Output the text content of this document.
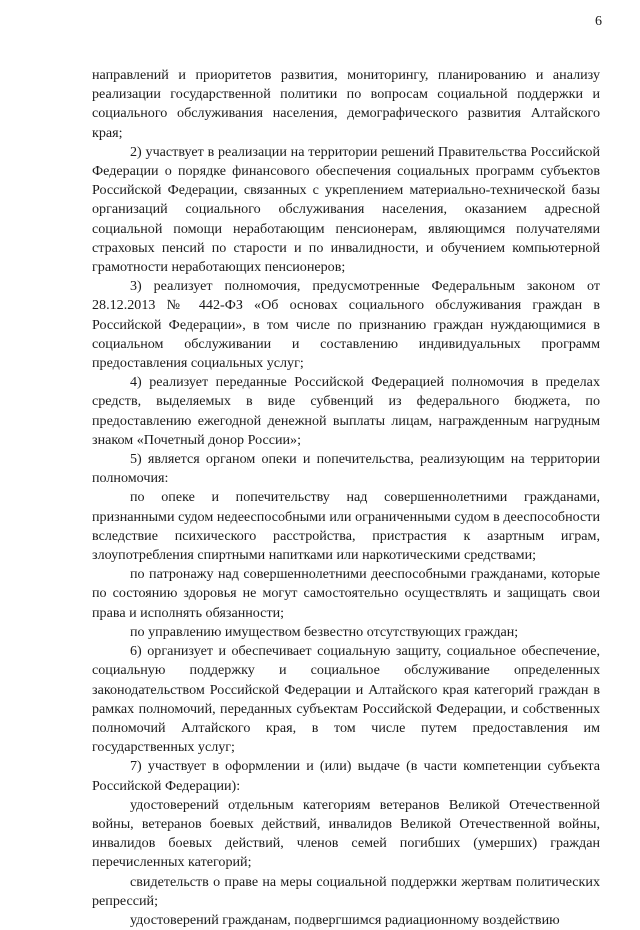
6

направлений и приоритетов развития, мониторингу, планированию и анализу реализации государственной политики по вопросам социальной поддержки и социального обслуживания населения, демографического развития Алтайского края;

2) участвует в реализации на территории решений Правительства Российской Федерации о порядке финансового обеспечения социальных программ субъектов Российской Федерации, связанных с укреплением материально-технической базы организаций социального обслуживания населения, оказанием адресной социальной помощи неработающим пенсионерам, являющимся получателями страховых пенсий по старости и по инвалидности, и обучением компьютерной грамотности неработающих пенсионеров;

3) реализует полномочия, предусмотренные Федеральным законом от 28.12.2013 № 442-ФЗ «Об основах социального обслуживания граждан в Российской Федерации», в том числе по признанию граждан нуждающимися в социальном обслуживании и составлению индивидуальных программ предоставления социальных услуг;

4) реализует переданные Российской Федерацией полномочия в пределах средств, выделяемых в виде субвенций из федерального бюджета, по предоставлению ежегодной денежной выплаты лицам, награжденным нагрудным знаком «Почетный донор России»;

5) является органом опеки и попечительства, реализующим на территории полномочия:

по опеке и попечительству над совершеннолетними гражданами, признанными судом недееспособными или ограниченными судом в дееспособности вследствие психического расстройства, пристрастия к азартным играм, злоупотребления спиртными напитками или наркотическими средствами;

по патронажу над совершеннолетними дееспособными гражданами, которые по состоянию здоровья не могут самостоятельно осуществлять и защищать свои права и исполнять обязанности;

по управлению имуществом безвестно отсутствующих граждан;

6) организует и обеспечивает социальную защиту, социальное обеспечение, социальную поддержку и социальное обслуживание определенных законодательством Российской Федерации и Алтайского края категорий граждан в рамках полномочий, переданных субъектам Российской Федерации, и собственных полномочий Алтайского края, в том числе путем предоставления им государственных услуг;

7) участвует в оформлении и (или) выдаче (в части компетенции субъекта Российской Федерации):

удостоверений отдельным категориям ветеранов Великой Отечественной войны, ветеранов боевых действий, инвалидов Великой Отечественной войны, инвалидов боевых действий, членов семей погибших (умерших) граждан перечисленных категорий;

свидетельств о праве на меры социальной поддержки жертвам политических репрессий;

удостоверений гражданам, подвергшимся радиационному воздействию
